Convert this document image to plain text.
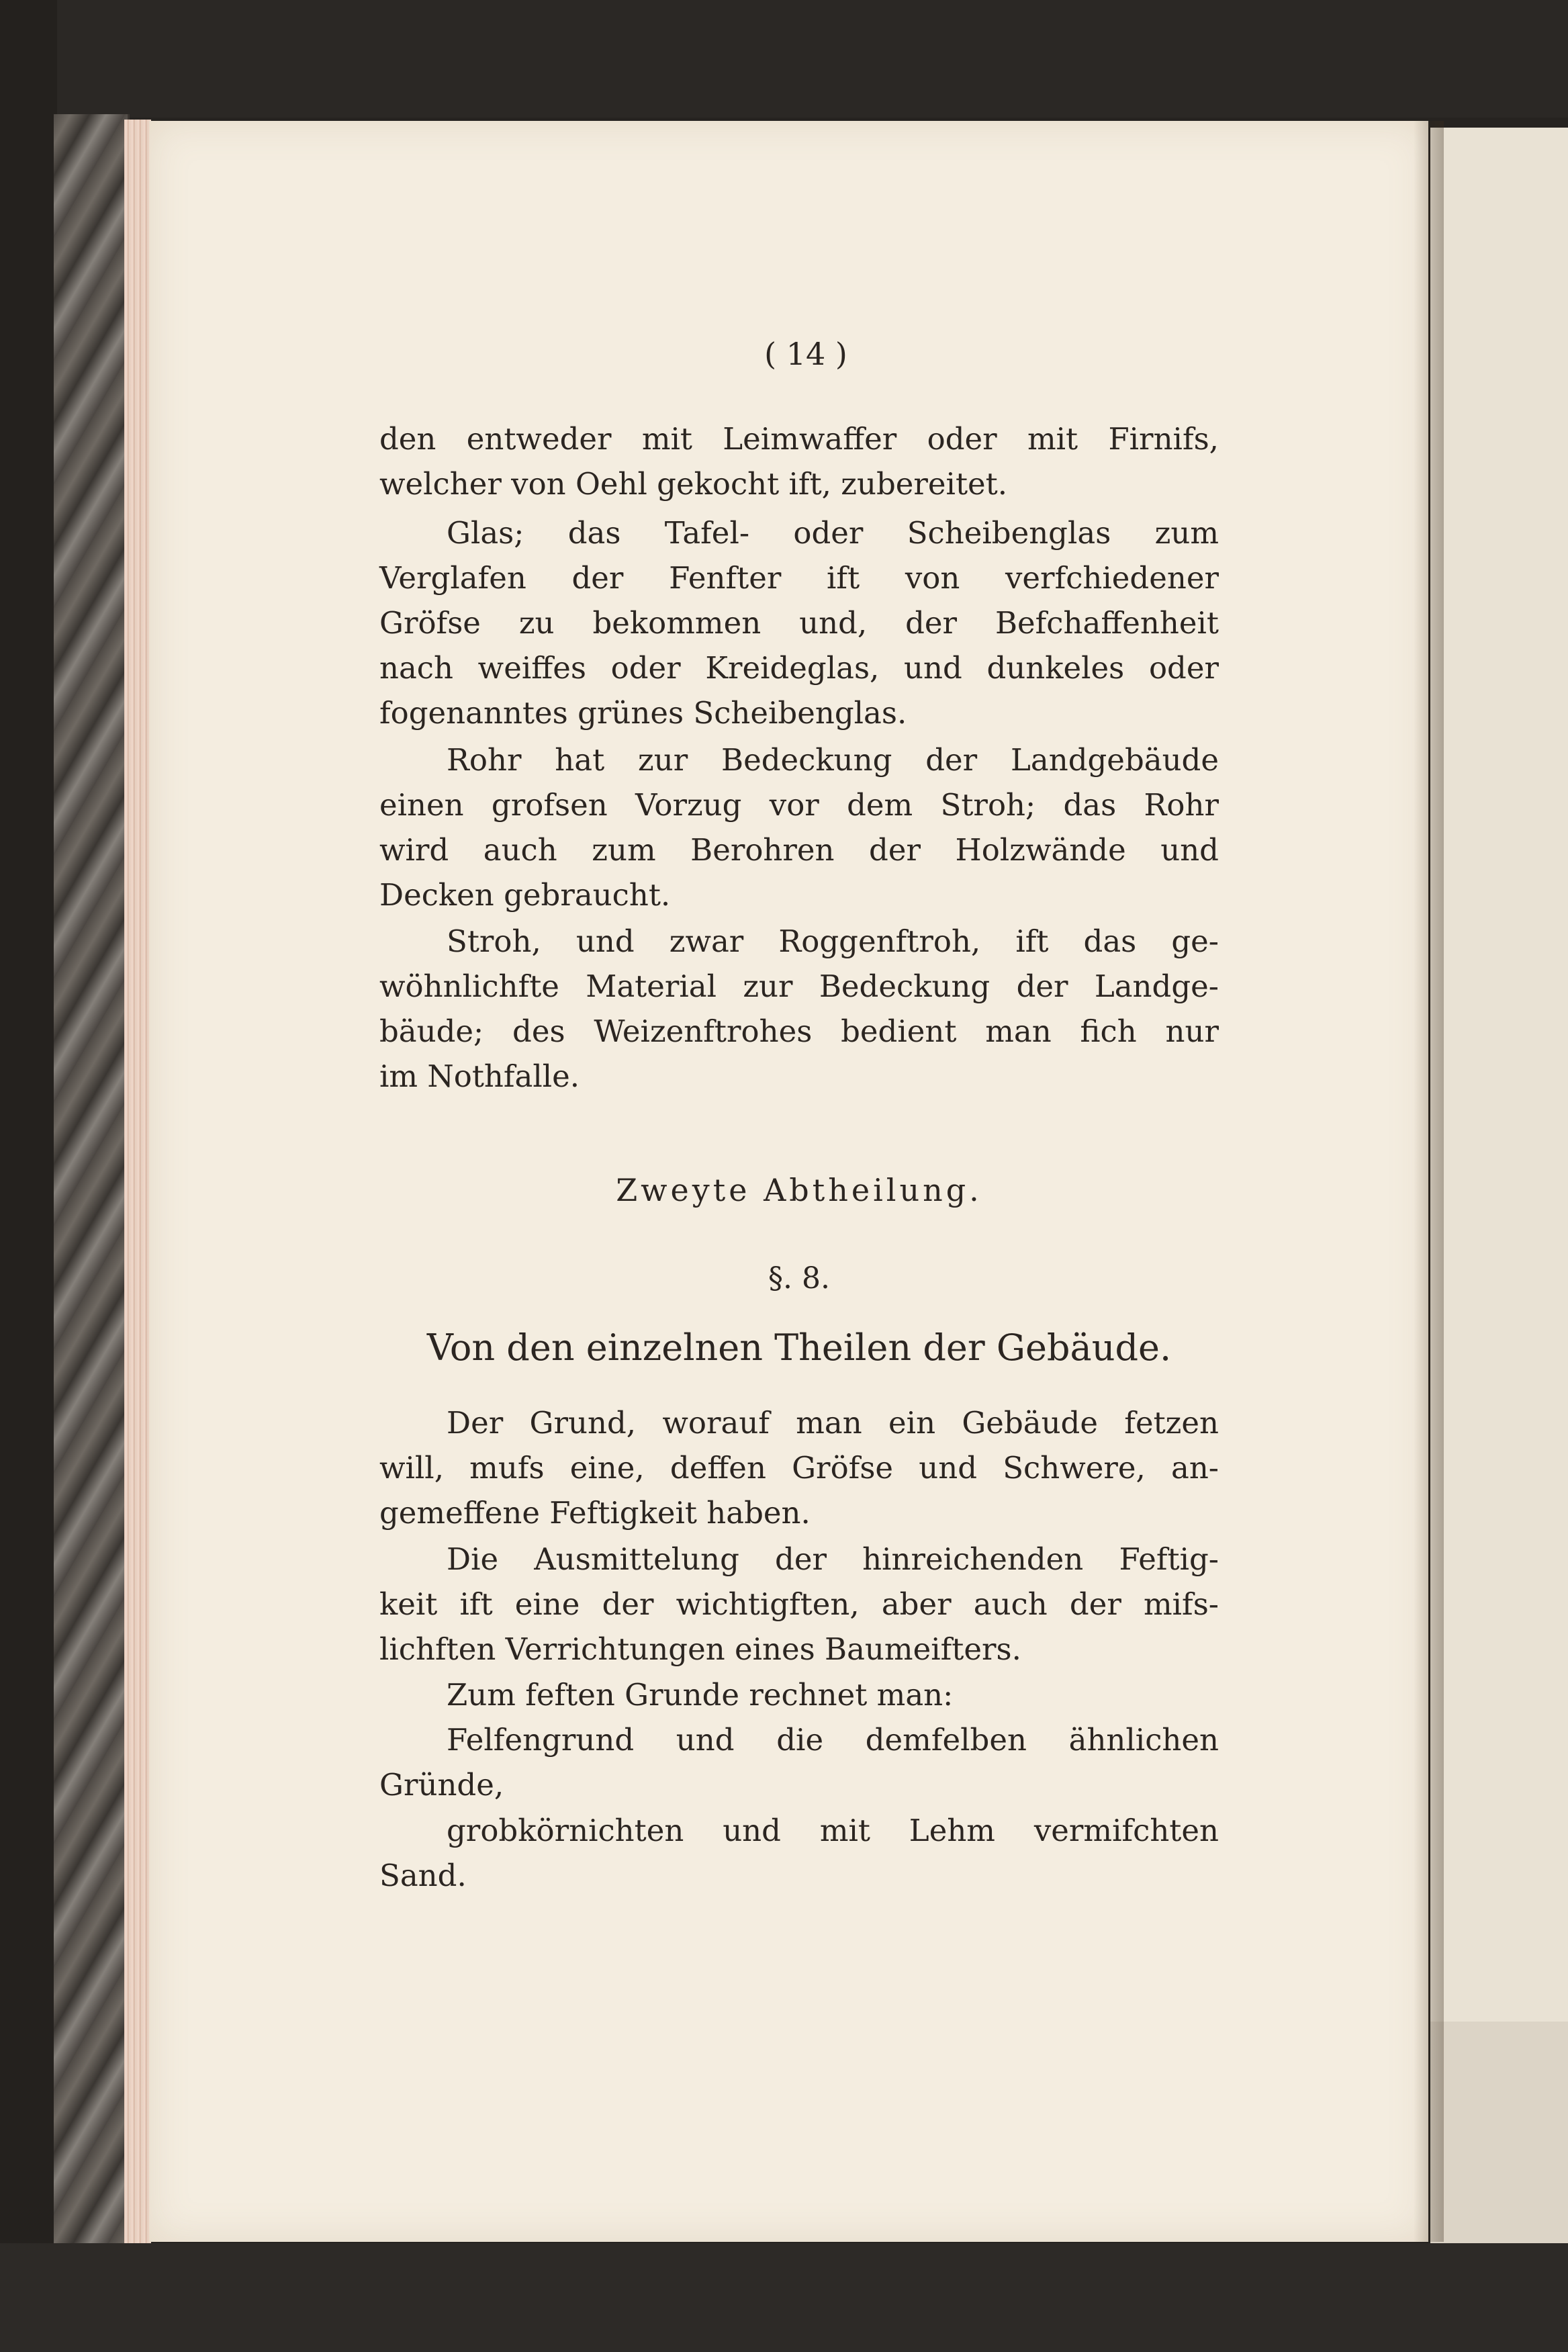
( 14 )
den entweder mit Leimwaffer oder mit Firnifs,
welcher von Oehl gekocht ift, zubereitet.
Glas; das Tafel- oder Scheibenglas zum
Verglafen der Fenfter ift von verfchiedener
Gröfse zu bekommen und, der Befchaffenheit
nach weiffes oder Kreideglas, und dunkeles oder
fogenanntes grünes Scheibenglas.
Rohr hat zur Bedeckung der Landgebäude
einen grofsen Vorzug vor dem Stroh; das Rohr
wird auch zum Berohren der Holzwände und
Decken gebraucht.
Stroh, und zwar Roggenftroh, ift das ge-
wöhnlichfte Material zur Bedeckung der Landge-
bäude; des Weizenftrohes bedient man fich nur
im Nothfalle.
Zweyte Abtheilung.
§. 8.
Von den einzelnen Theilen der Gebäude.
Der Grund, worauf man ein Gebäude fetzen
will, mufs eine, deffen Gröfse und Schwere, an-
gemeffene Feftigkeit haben.
Die Ausmittelung der hinreichenden Feftig-
keit ift eine der wichtigften, aber auch der mifs-
lichften Verrichtungen eines Baumeifters.
Zum feften Grunde rechnet man:
Felfengrund und die demfelben ähnlichen
Gründe,
grobkörnichten und mit Lehm vermifchten
Sand.
